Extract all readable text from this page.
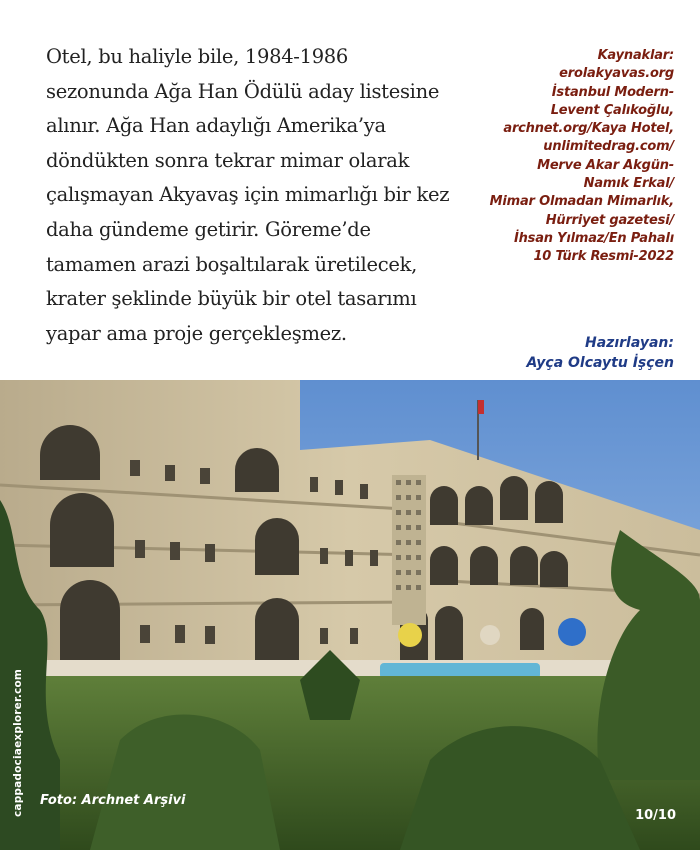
Otel, bu haliyle bile, 1984-1986
sezonunda Ağa Han Ödülü aday listesine
alınır. Ağa Han adaylığı Amerika’ya
döndükten sonra tekrar mimar olarak
çalışmayan Akyavaş için mimarlığı bir kez
daha gündeme getirir. Göreme’de
tamamen arazi boşaltılarak üretilecek,
krater şeklinde büyük bir otel tasarımı
yapar ama proje gerçekleşmez.
Kaynaklar:
erolakyavas.org
İstanbul Modern-
Levent Çalıkoğlu,
archnet.org/Kaya Hotel,
unlimitedrag.com/
Merve Akar Akgün-
Namık Erkal/
Mimar Olmadan Mimarlık,
Hürriyet gazetesi/
İhsan Yılmaz/En Pahalı
10 Türk Resmi-2022
Hazırlayan:
Ayça Olcaytu İşçen
Foto: Archnet Arşivi
10/10
cappadociaexplorer.com
